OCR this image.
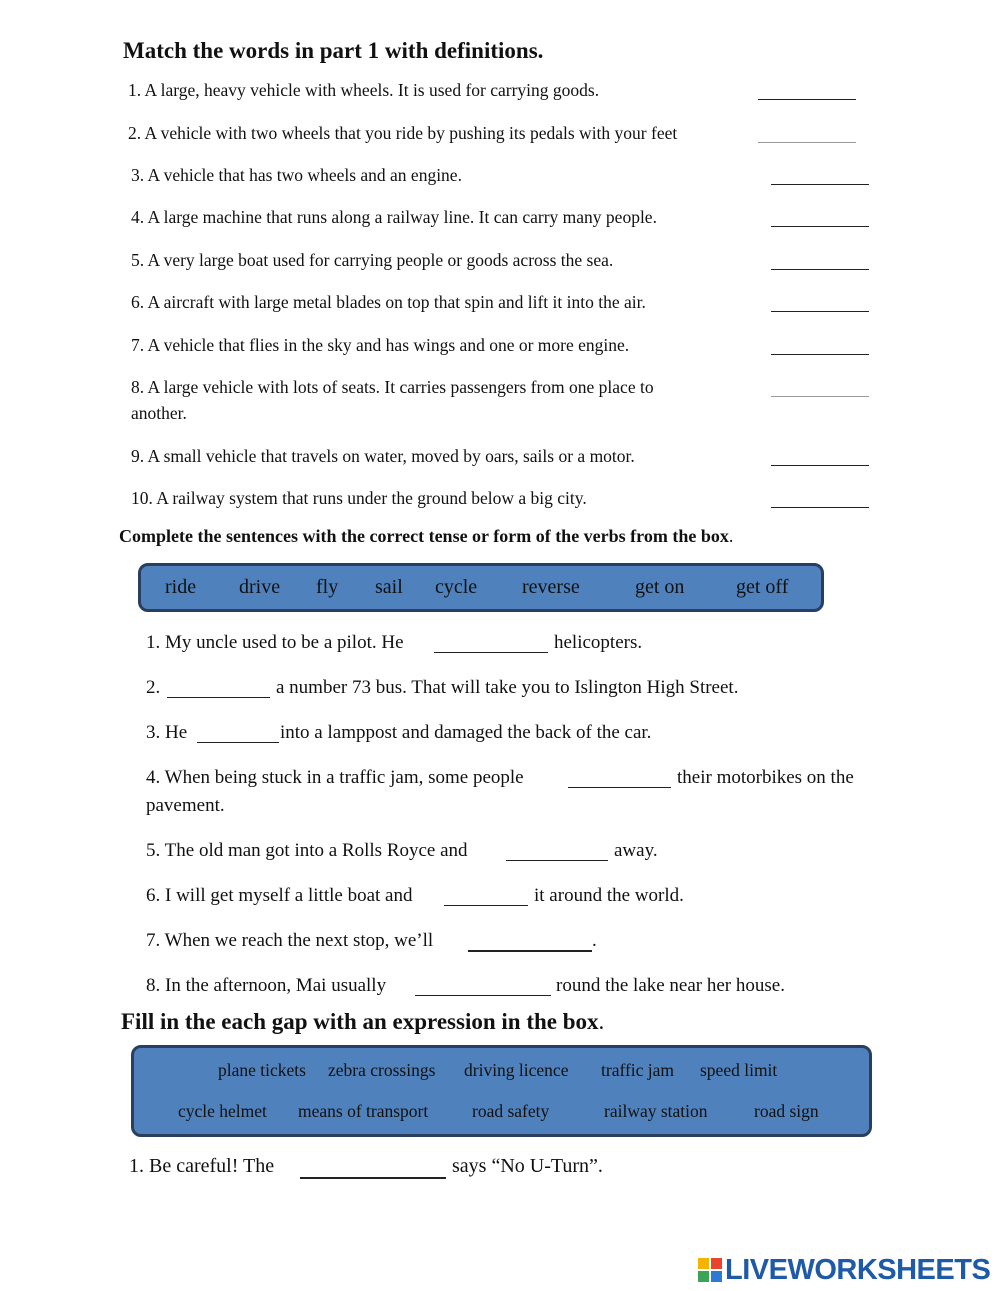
Match the words in part 1 with definitions.
1. A large, heavy vehicle with wheels. It is used for carrying goods.
2. A vehicle with two wheels that you ride by pushing its pedals with your feet
3. A vehicle that has two wheels and an engine.
4. A large machine that runs along a railway line. It can carry many people.
5. A very large boat used for carrying people or goods across the sea.
6. A aircraft with large metal blades on top that spin and lift it into the air.
7. A vehicle that flies in the sky and has wings and one or more engine.
8. A large vehicle with lots of seats. It carries passengers from one place to
another.
9. A small vehicle that travels on water, moved by oars, sails or a motor.
10. A railway system that runs under the ground below a big city.
Complete the sentences with the correct tense or form of the verbs from the box.
ride drive fly sail cycle reverse	get on	get off
1. My uncle used to be a pilot. He	helicopters.
2.	a number 73 bus. That will take you to Islington High Street.
3. He	into a lamppost and damaged the back of the car.
4. When being stuck in a traffic jam, some people	their motorbikes on the
pavement.
5. The old man got into a Rolls Royce and	away.
6. I will get myself a little boat and	it around the world.
7. When we reach the next stop, we’ll	.
8. In the afternoon, Mai usually	round the lake near her house.
Fill in the each gap with an expression in the box.
plane tickets zebra crossings driving licence traffic jam speed limit
cycle helmet means of transport	road safety	railway station	road sign
1. Be careful! The	says “No U-Turn”.
LIVEWORKSHEETS
